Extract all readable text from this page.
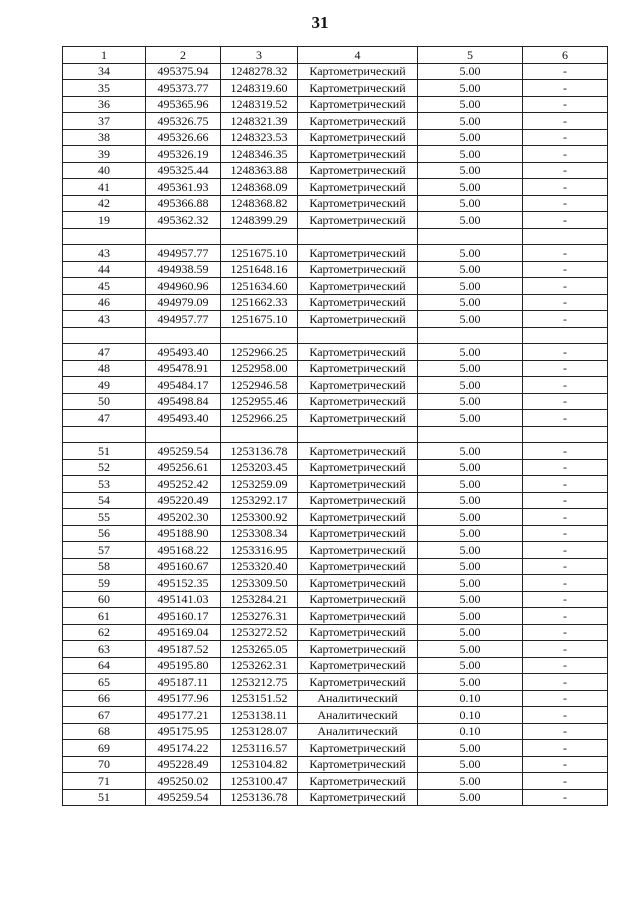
31
1	2	3	4	5	6
34	495375.94	1248278.32	Картометрический	5.00	-
35	495373.77	1248319.60	Картометрический	5.00	-
36	495365.96	1248319.52	Картометрический	5.00	-
37	495326.75	1248321.39	Картометрический	5.00	-
38	495326.66	1248323.53	Картометрический	5.00	-
39	495326.19	1248346.35	Картометрический	5.00	-
40	495325.44	1248363.88	Картометрический	5.00	-
41	495361.93	1248368.09	Картометрический	5.00	-
42	495366.88	1248368.82	Картометрический	5.00	-
19	495362.32	1248399.29	Картометрический	5.00	-

43	494957.77	1251675.10	Картометрический	5.00	-
44	494938.59	1251648.16	Картометрический	5.00	-
45	494960.96	1251634.60	Картометрический	5.00	-
46	494979.09	1251662.33	Картометрический	5.00	-
43	494957.77	1251675.10	Картометрический	5.00	-

47	495493.40	1252966.25	Картометрический	5.00	-
48	495478.91	1252958.00	Картометрический	5.00	-
49	495484.17	1252946.58	Картометрический	5.00	-
50	495498.84	1252955.46	Картометрический	5.00	-
47	495493.40	1252966.25	Картометрический	5.00	-

51	495259.54	1253136.78	Картометрический	5.00	-
52	495256.61	1253203.45	Картометрический	5.00	-
53	495252.42	1253259.09	Картометрический	5.00	-
54	495220.49	1253292.17	Картометрический	5.00	-
55	495202.30	1253300.92	Картометрический	5.00	-
56	495188.90	1253308.34	Картометрический	5.00	-
57	495168.22	1253316.95	Картометрический	5.00	-
58	495160.67	1253320.40	Картометрический	5.00	-
59	495152.35	1253309.50	Картометрический	5.00	-
60	495141.03	1253284.21	Картометрический	5.00	-
61	495160.17	1253276.31	Картометрический	5.00	-
62	495169.04	1253272.52	Картометрический	5.00	-
63	495187.52	1253265.05	Картометрический	5.00	-
64	495195.80	1253262.31	Картометрический	5.00	-
65	495187.11	1253212.75	Картометрический	5.00	-
66	495177.96	1253151.52	Аналитический	0.10	-
67	495177.21	1253138.11	Аналитический	0.10	-
68	495175.95	1253128.07	Аналитический	0.10	-
69	495174.22	1253116.57	Картометрический	5.00	-
70	495228.49	1253104.82	Картометрический	5.00	-
71	495250.02	1253100.47	Картометрический	5.00	-
51	495259.54	1253136.78	Картометрический	5.00	-
